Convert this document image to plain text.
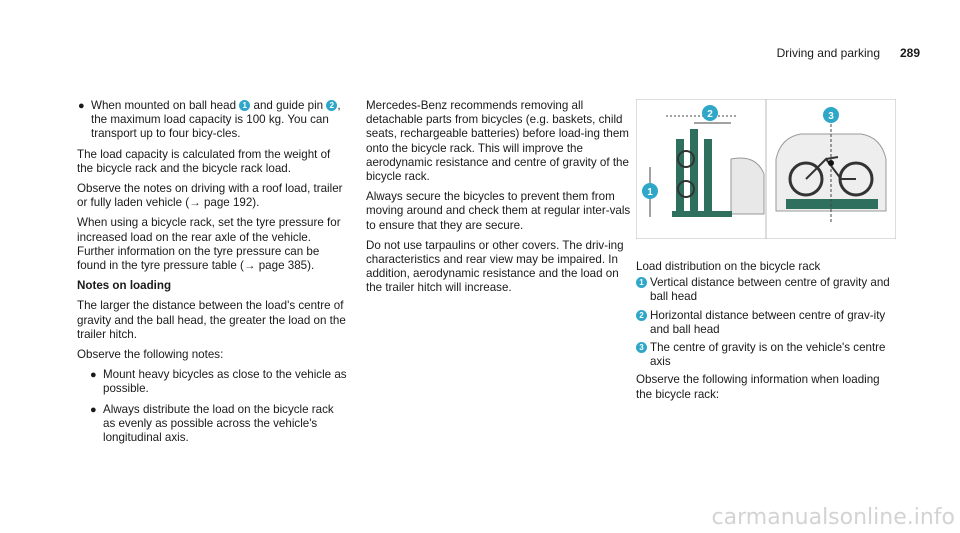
Driving and parking 289
● When mounted on ball head 1 and guide pin 2 , the maximum load capacity is 100 kg. You can transport up to four bicy-cles.

The load capacity is calculated from the weight of the bicycle rack and the bicycle rack load.

Observe the notes on driving with a roof load, trailer or fully laden vehicle (→ page 192).

When using a bicycle rack, set the tyre pressure for increased load on the rear axle of the vehicle. Further information on the tyre pressure can be found in the tyre pressure table (→ page 385).

Notes on loading

The larger the distance between the load's centre of gravity and the ball head, the greater the load on the trailer hitch.

Observe the following notes:

● Mount heavy bicycles as close to the vehicle as possible.
● Always distribute the load on the bicycle rack as evenly as possible across the vehicle's longitudinal axis.

Mercedes-Benz recommends removing all detachable parts from bicycles (e.g. baskets, child seats, rechargeable batteries) before load-ing them onto the bicycle rack. This will improve the aerodynamic resistance and centre of gravity of the bicycle rack.

Always secure the bicycles to prevent them from moving around and check them at regular inter-vals to ensure that they are secure.

Do not use tarpaulins or other covers. The driv-ing characteristics and rear view may be impaired. In addition, aerodynamic resistance and the load on the trailer hitch will increase.

2
1
3

Load distribution on the bicycle rack

1 Vertical distance between centre of gravity and ball head
2 Horizontal distance between centre of grav-ity and ball head
3 The centre of gravity is on the vehicle's centre axis

Observe the following information when loading the bicycle rack:

carmanualsonline.info
